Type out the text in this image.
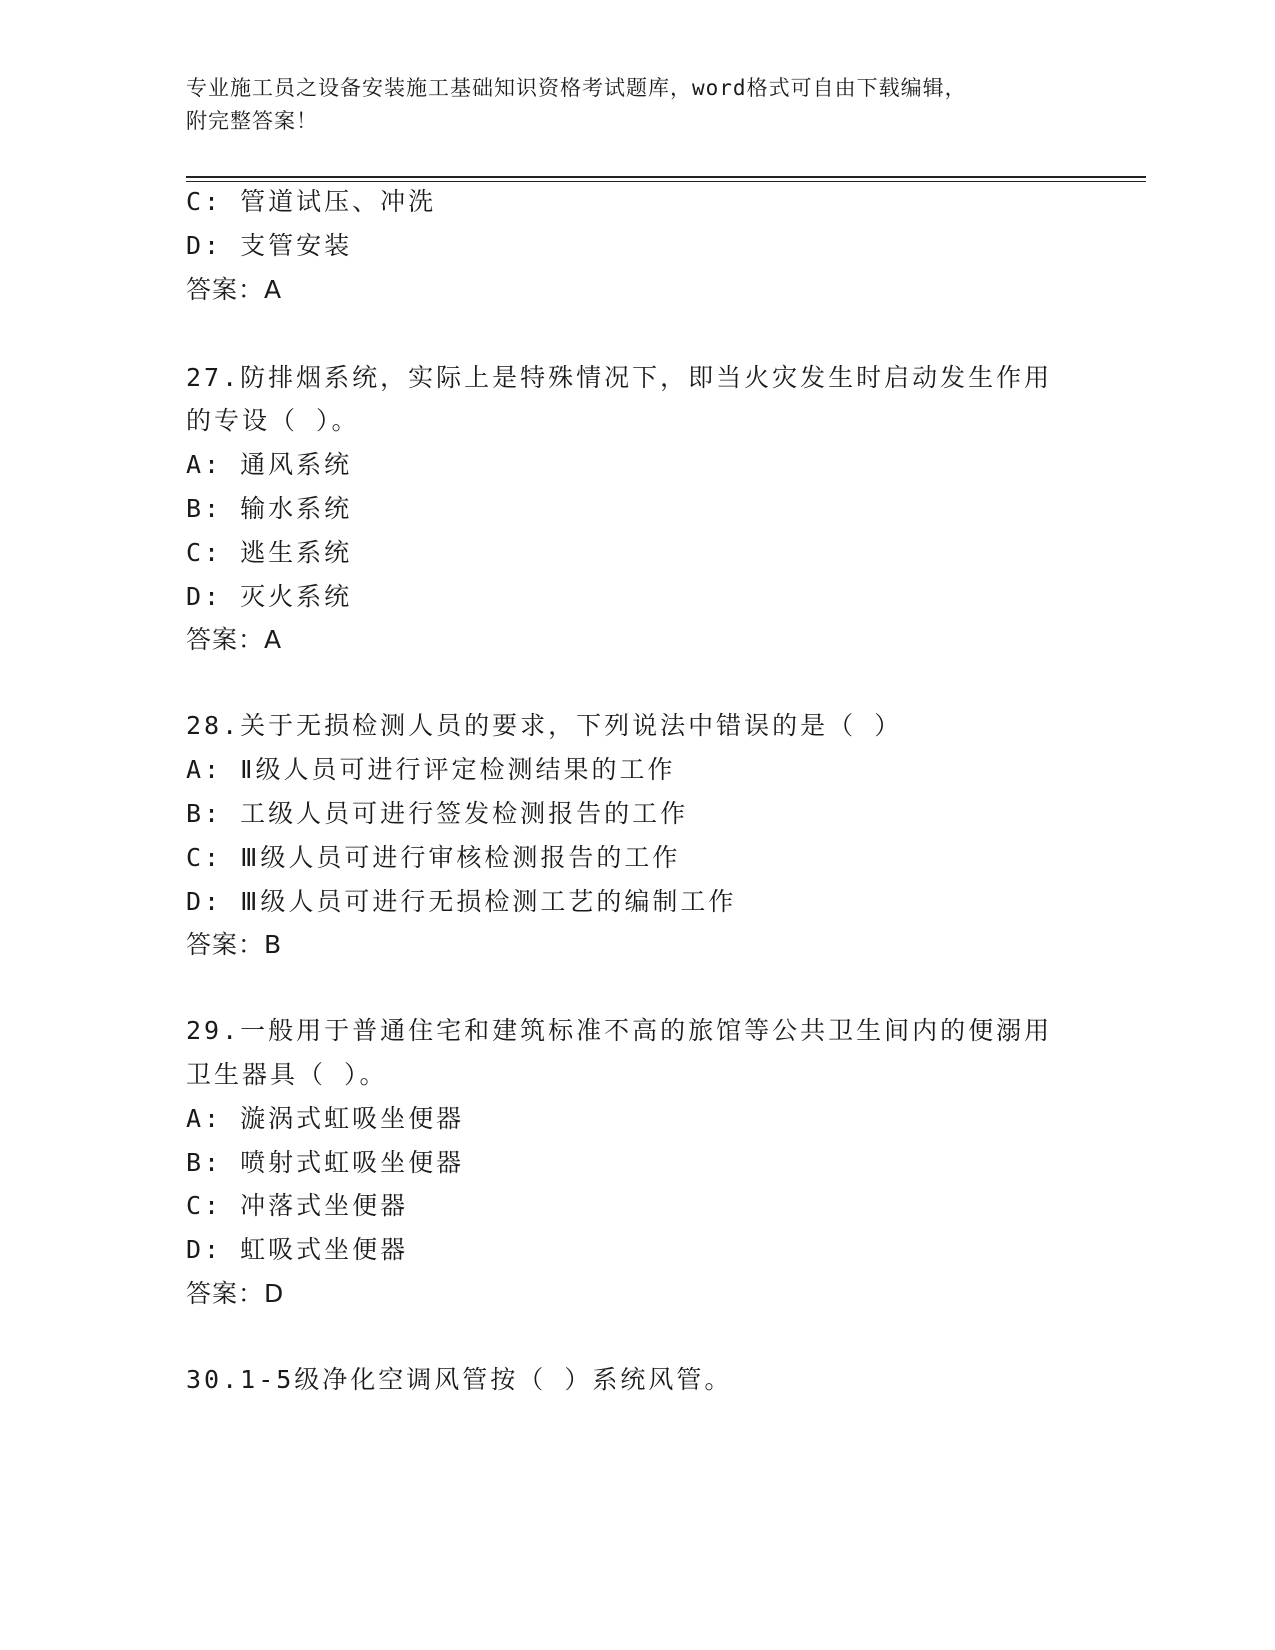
专业施工员之设备安装施工基础知识资格考试题库，word格式可自由下载编辑，
附完整答案！
C: 管道试压、冲洗
D: 支管安装
答案：A
27.防排烟系统，实际上是特殊情况下，即当火灾发生时启动发生作用
的专设（ ）。
A: 通风系统
B: 输水系统
C: 逃生系统
D: 灭火系统
答案：A
28.关于无损检测人员的要求，下列说法中错误的是（ ）
A: Ⅱ级人员可进行评定检测结果的工作
B: 工级人员可进行签发检测报告的工作
C: Ⅲ级人员可进行审核检测报告的工作
D: Ⅲ级人员可进行无损检测工艺的编制工作
答案：B
29.一般用于普通住宅和建筑标准不高的旅馆等公共卫生间内的便溺用
卫生器具（ ）。
A: 漩涡式虹吸坐便器
B: 喷射式虹吸坐便器
C: 冲落式坐便器
D: 虹吸式坐便器
答案：D
30.1-5级净化空调风管按（ ）系统风管。
